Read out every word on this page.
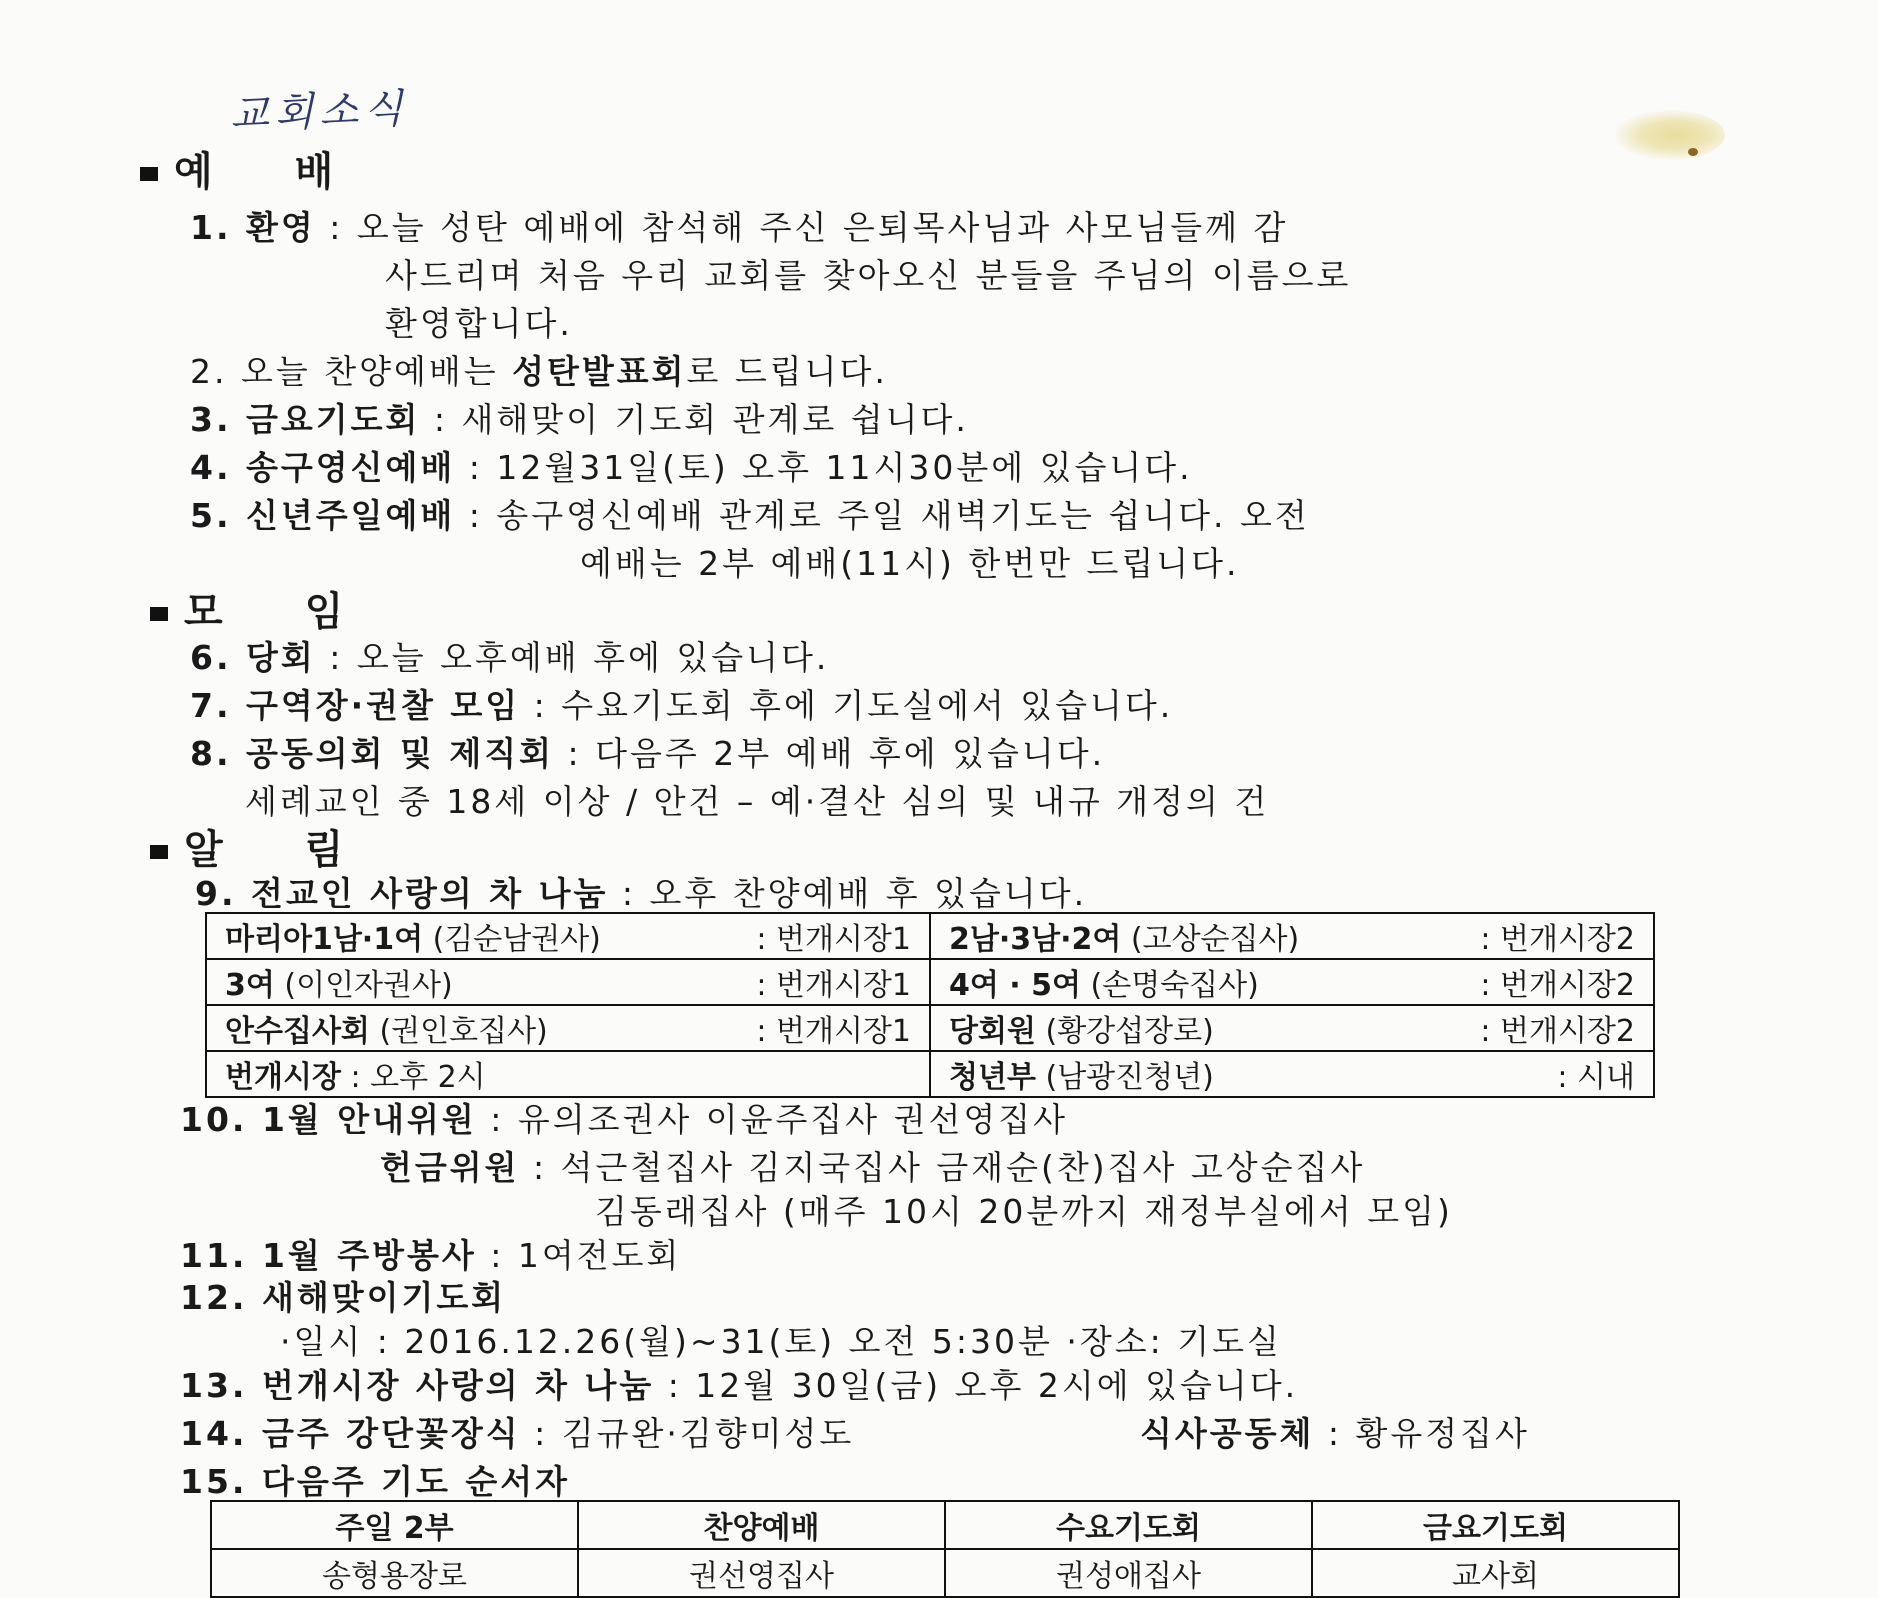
교회소식
예 배
1. 환영 : 오늘 성탄 예배에 참석해 주신 은퇴목사님과 사모님들께 감
사드리며 처음 우리 교회를 찾아오신 분들을 주님의 이름으로
환영합니다.
2. 오늘 찬양예배는 성탄발표회로 드립니다.
3. 금요기도회 : 새해맞이 기도회 관계로 쉽니다.
4. 송구영신예배 : 12월31일(토) 오후 11시30분에 있습니다.
5. 신년주일예배 : 송구영신예배 관계로 주일 새벽기도는 쉽니다. 오전
예배는 2부 예배(11시) 한번만 드립니다.
모 임
6. 당회 : 오늘 오후예배 후에 있습니다.
7. 구역장·권찰 모임 : 수요기도회 후에 기도실에서 있습니다.
8. 공동의회 및 제직회 : 다음주 2부 예배 후에 있습니다.
세례교인 중 18세 이상 / 안건 – 예·결산 심의 및 내규 개정의 건
알 림
9. 전교인 사랑의 차 나눔 : 오후 찬양예배 후 있습니다.
마리아1남·1여 (김순남권사) : 번개시장1	2남·3남·2여 (고상순집사) : 번개시장2

3여 (이인자권사) : 번개시장1	4여 · 5여 (손명숙집사) : 번개시장2

안수집사회 (권인호집사) : 번개시장1	당회원 (황강섭장로) : 번개시장2

번개시장 : 오후 2시	청년부 (남광진청년) : 시내
10. 1월 안내위원 : 유의조권사 이윤주집사 권선영집사
헌금위원 : 석근철집사 김지국집사 금재순(찬)집사 고상순집사
김동래집사 (매주 10시 20분까지 재정부실에서 모임)
11. 1월 주방봉사 : 1여전도회
12. 새해맞이기도회
·일시 : 2016.12.26(월)~31(토) 오전 5:30분 ·장소: 기도실
13. 번개시장 사랑의 차 나눔 : 12월 30일(금) 오후 2시에 있습니다.
14. 금주 강단꽃장식 : 김규완·김향미성도	식사공동체 : 황유정집사
15. 다음주 기도 순서자
주일 2부	찬양예배	수요기도회	금요기도회
송형용장로	권선영집사	권성애집사	교사회
